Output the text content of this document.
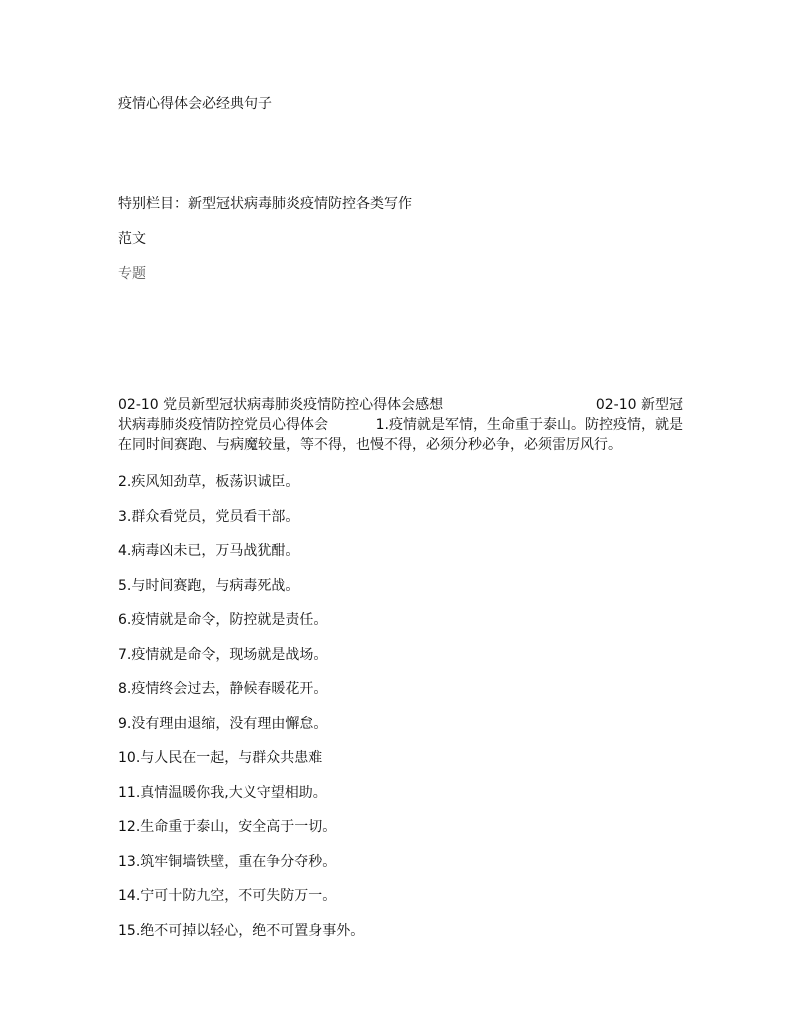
疫情心得体会必经典句子
特别栏目：新型冠状病毒肺炎疫情防控各类写作
范文
专题
02-10 党员新型冠状病毒肺炎疫情防控心得体会感想	02-10 新型冠
状病毒肺炎疫情防控党员心得体会	1.疫情就是军情，生命重于泰山。防控疫情，就是
在同时间赛跑、与病魔较量，等不得，也慢不得，必须分秒必争，必须雷厉风行。
2.疾风知劲草，板荡识诚臣。
3.群众看党员，党员看干部。
4.病毒凶未已，万马战犹酣。
5.与时间赛跑，与病毒死战。
6.疫情就是命令，防控就是责任。
7.疫情就是命令，现场就是战场。
8.疫情终会过去，静候春暖花开。
9.没有理由退缩，没有理由懈怠。
10.与人民在一起，与群众共患难
11.真情温暖你我,大义守望相助。
12.生命重于泰山，安全高于一切。
13.筑牢铜墙铁壁，重在争分夺秒。
14.宁可十防九空，不可失防万一。
15.绝不可掉以轻心，绝不可置身事外。
